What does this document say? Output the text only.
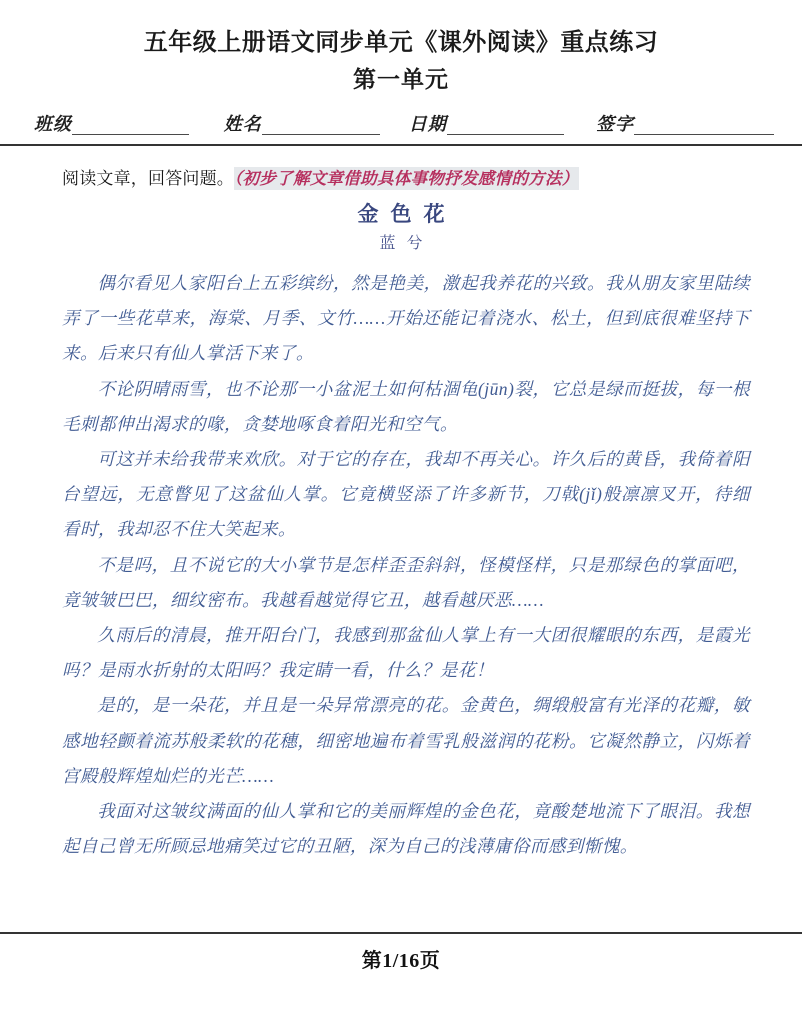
五年级上册语文同步单元《课外阅读》重点练习
第一单元
班级	姓名	日期	签字
阅读文章，回答问题。（初步了解文章借助具体事物抒发感情的方法）
金色花
蓝兮

偶尔看见人家阳台上五彩缤纷，然是艳美，激起我养花的兴致。我从朋友家里陆续弄了一些花草来，海棠、月季、文竹……开始还能记着浇水、松土，但到底很难坚持下来。后来只有仙人掌活下来了。

不论阴晴雨雪，也不论那一小盆泥土如何枯涸龟(jūn)裂，它总是绿而挺拔，每一根毛刺都伸出渴求的喙，贪婪地啄食着阳光和空气。

可这并未给我带来欢欣。对于它的存在，我却不再关心。许久后的黄昏，我倚着阳台望远，无意瞥见了这盆仙人掌。它竟横竖添了许多新节，刀戟(jǐ)般凛凛叉开，待细看时，我却忍不住大笑起来。

不是吗，且不说它的大小掌节是怎样歪歪斜斜，怪模怪样，只是那绿色的掌面吧，竟皱皱巴巴，细纹密布。我越看越觉得它丑，越看越厌恶……

久雨后的清晨，推开阳台门，我感到那盆仙人掌上有一大团很耀眼的东西，是霞光吗？是雨水折射的太阳吗？我定睛一看，什么？是花！

是的，是一朵花，并且是一朵异常漂亮的花。金黄色，绸缎般富有光泽的花瓣，敏感地轻颤着流苏般柔软的花穗，细密地遍布着雪乳般滋润的花粉。它凝然静立，闪烁着宫殿般辉煌灿烂的光芒……

我面对这皱纹满面的仙人掌和它的美丽辉煌的金色花，竟酸楚地流下了眼泪。我想起自己曾无所顾忌地痛笑过它的丑陋，深为自己的浅薄庸俗而感到惭愧。

第1/16页
